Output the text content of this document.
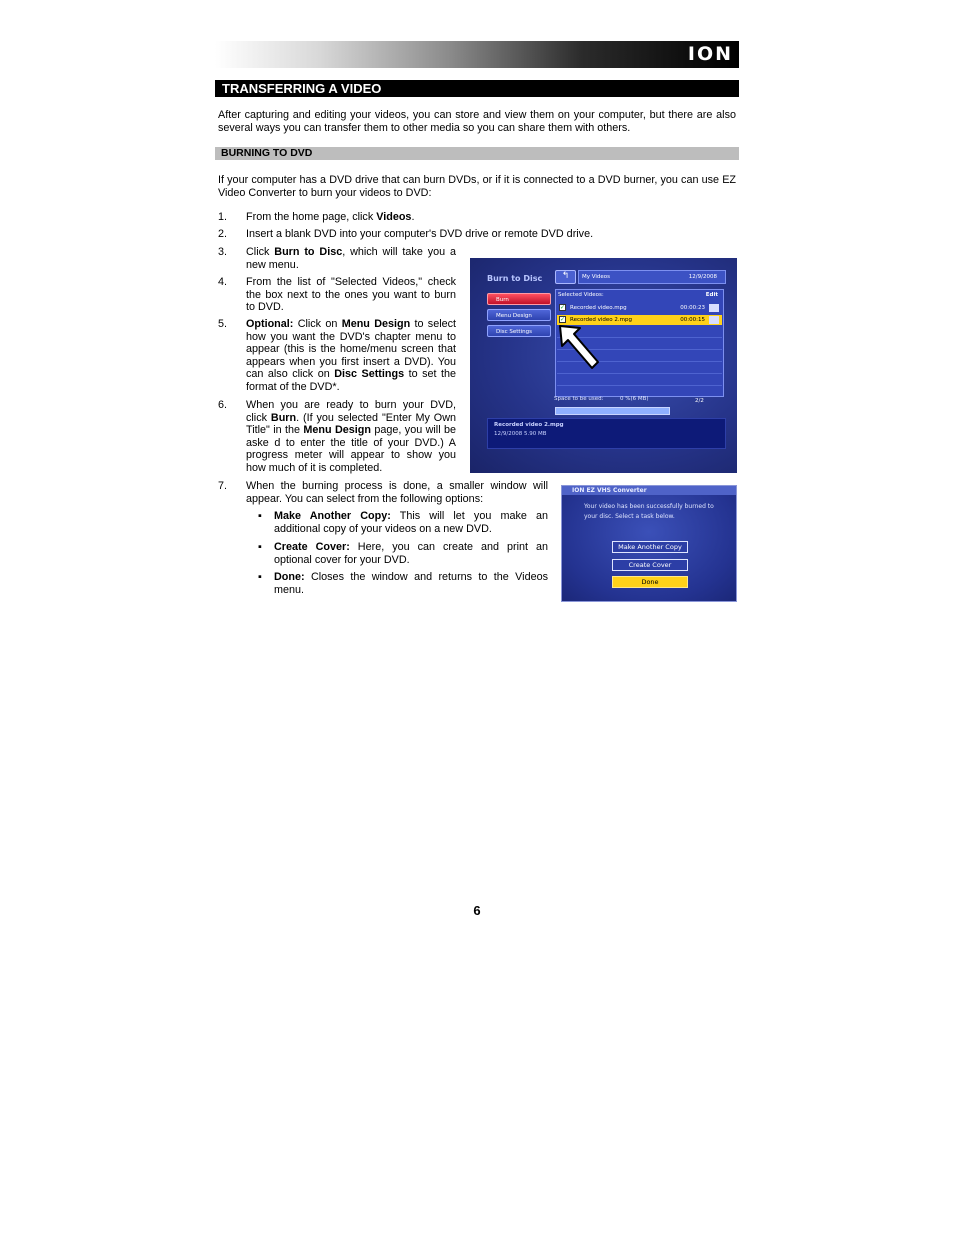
ION
TRANSFERRING A VIDEO
After capturing and editing your videos, you can store and view them on your computer, but there are also several ways you can transfer them to other media so you can share them with others.
BURNING TO DVD
If your computer has a DVD drive that can burn DVDs, or if it is connected to a DVD burner, you can use EZ Video Converter to burn your videos to DVD:
1. From the home page, click Videos.
2. Insert a blank DVD into your computer's DVD drive or remote DVD drive.
3. Click Burn to Disc, which will take you a new menu.
4. From the list of "Selected Videos," check the box next to the ones you want to burn to DVD.
5. Optional: Click on Menu Design to select how you want the DVD's chapter menu to appear (this is the home/menu screen that appears when you first insert a DVD). You can also click on Disc Settings to set the format of the DVD*.
6. When you are ready to burn your DVD, click Burn. (If you selected "Enter My Own Title" in the Menu Design page, you will be aske d to enter the title of your DVD.) A progress meter will appear to show you how much of it is completed.
7. When the burning process is done, a smaller window will appear. You can select from the following options:
▪ Make Another Copy: This will let you make an additional copy of your videos on a new DVD.
▪ Create Cover: Here, you can create and print an optional cover for your DVD.
▪ Done: Closes the window and returns to the Videos menu.
Burn to Disc
Burn
Menu Design
Disc Settings
↰	My Videos	12/9/2008
Selected Videos:	Edit
✓ Recorded video.mpg	00:00:23
✓ Recorded video 2.mpg	00:00:15
Space to be used:	0 %(6 MB)	2/2
Recorded video 2.mpg
12/9/2008 5.90 MB
ION EZ VHS Converter
Your video has been successfully burned to your disc. Select a task below.
Make Another Copy
Create Cover
Done
6
